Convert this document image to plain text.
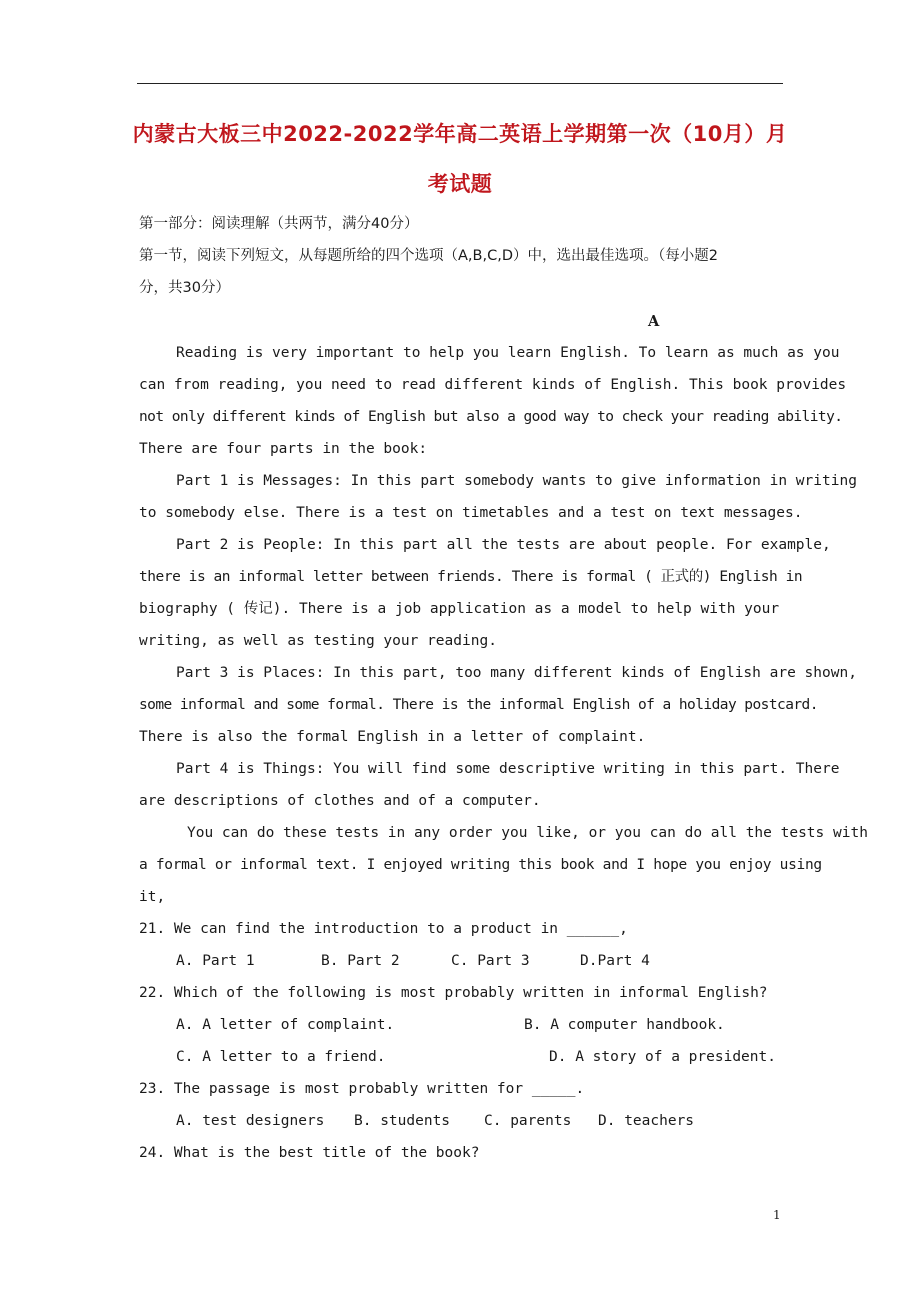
内蒙古大板三中2022-2022学年高二英语上学期第一次（10月）月
考试题
第一部分：阅读理解（共两节，满分40分）
第一节，阅读下列短文，从每题所给的四个选项（A,B,C,D）中，选出最佳选项。（每小题2
分，共30分）
A
Reading is very important to help you learn English. To learn as much as you
can from reading, you need to read different kinds of English. This book provides
not only different kinds of English but also a good way to check your reading ability.
There are four parts in the book:
Part 1 is Messages: In this part somebody wants to give information in writing
to somebody else. There is a test on timetables and a test on text messages.
Part 2 is People: In this part all the tests are about people. For example,
there is an informal letter between friends. There is formal ( 正式的) English in
biography ( 传记). There is a job application as a model to help with your
writing, as well as testing your reading.
Part 3 is Places: In this part, too many different kinds of English are shown,
some informal and some formal. There is the informal English of a holiday postcard.
There is also the formal English in a letter of complaint.
Part 4 is Things: You will find some descriptive writing in this part. There
are descriptions of clothes and of a computer.
You can do these tests in any order you like, or you can do all the tests with
a formal or informal text. I enjoyed writing this book and I hope you enjoy using
it,
21. We can find the introduction to a product in ______,
A. Part 1	B. Part 2	C. Part 3	D.Part 4
22. Which of the following is most probably written in informal English?
A. A letter of complaint.	B. A computer handbook.
C. A letter to a friend.	D. A story of a president.
23. The passage is most probably written for _____.
A. test designers B. students C. parents D. teachers
24. What is the best title of the book?
1
